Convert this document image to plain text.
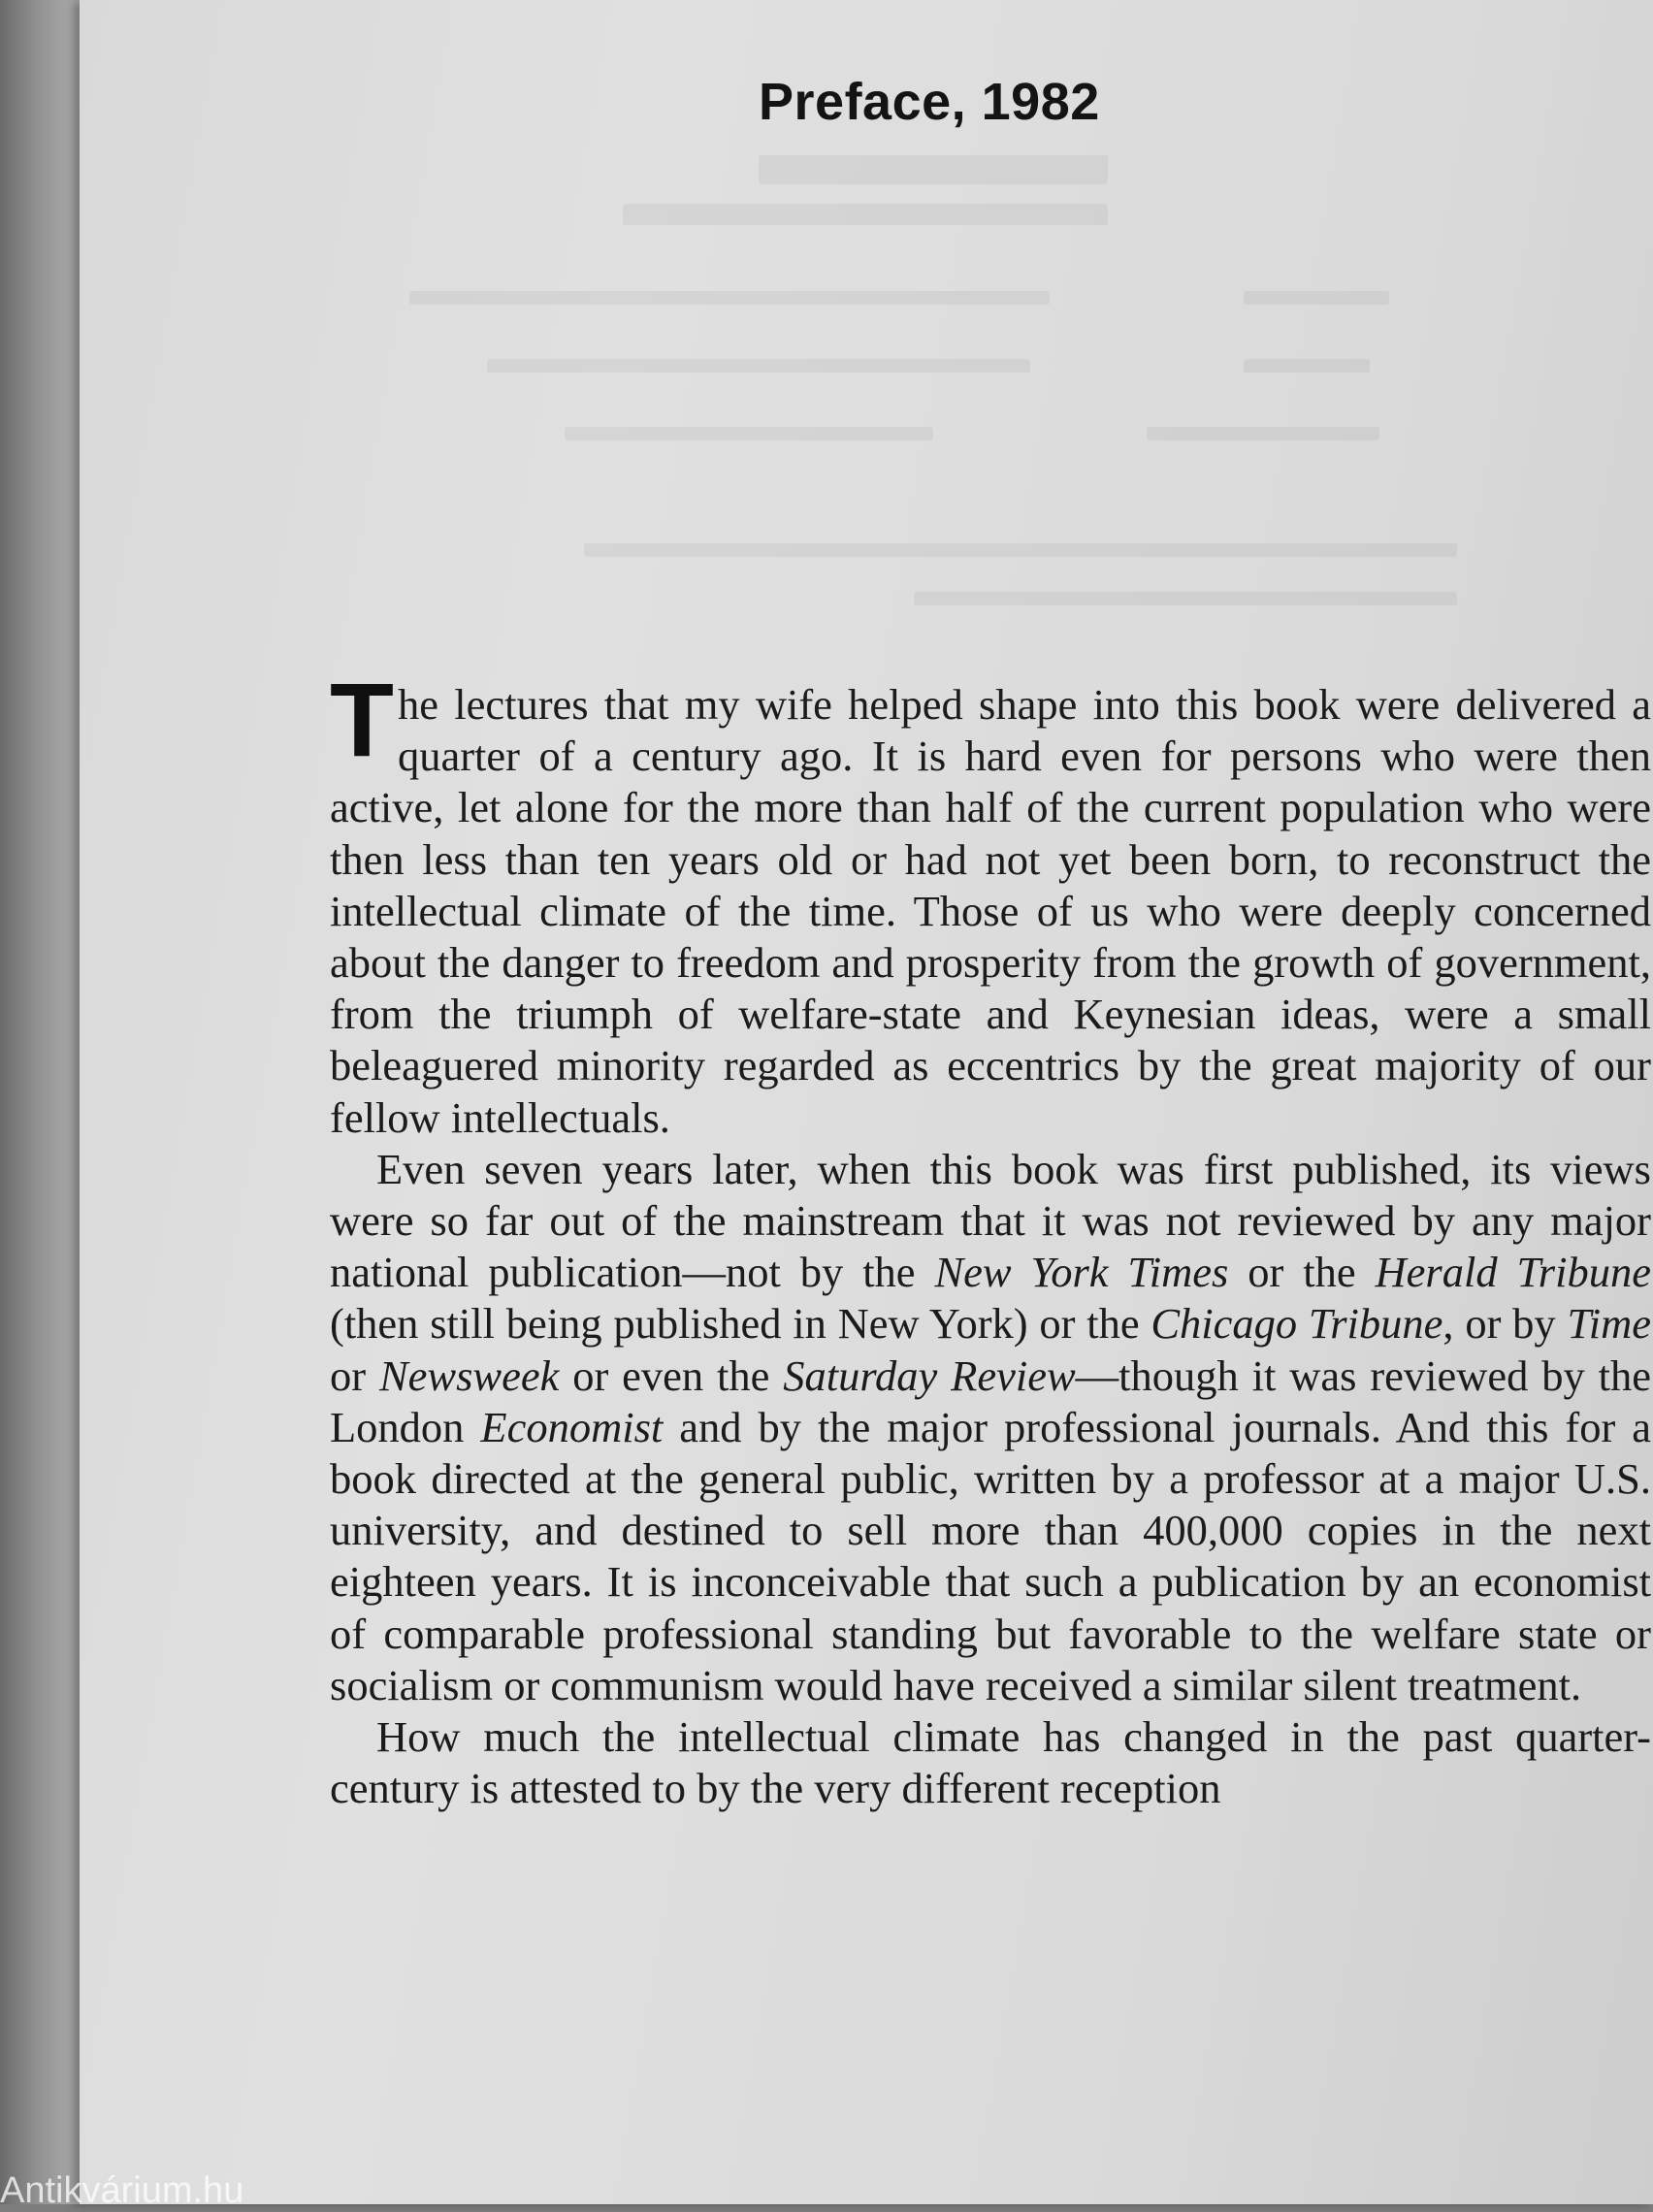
Preface, 1982

The lectures that my wife helped shape into this book were delivered a quarter of a century ago. It is hard even for persons who were then active, let alone for the more than half of the current population who were then less than ten years old or had not yet been born, to reconstruct the intellectual climate of the time. Those of us who were deeply concerned about the danger to freedom and prosperity from the growth of government, from the triumph of welfare-state and Keynesian ideas, were a small beleaguered minority regarded as eccentrics by the great majority of our fellow intellectuals.

Even seven years later, when this book was first published, its views were so far out of the mainstream that it was not reviewed by any major national publication—not by the New York Times or the Herald Tribune (then still being published in New York) or the Chicago Tribune, or by Time or Newsweek or even the Saturday Review—though it was reviewed by the London Economist and by the major professional journals. And this for a book directed at the general public, written by a professor at a major U.S. university, and destined to sell more than 400,000 copies in the next eighteen years. It is inconceivable that such a publication by an economist of comparable professional standing but favorable to the welfare state or socialism or communism would have received a similar silent treatment.

How much the intellectual climate has changed in the past quarter-century is attested to by the very different reception

Antikvárium.hu
